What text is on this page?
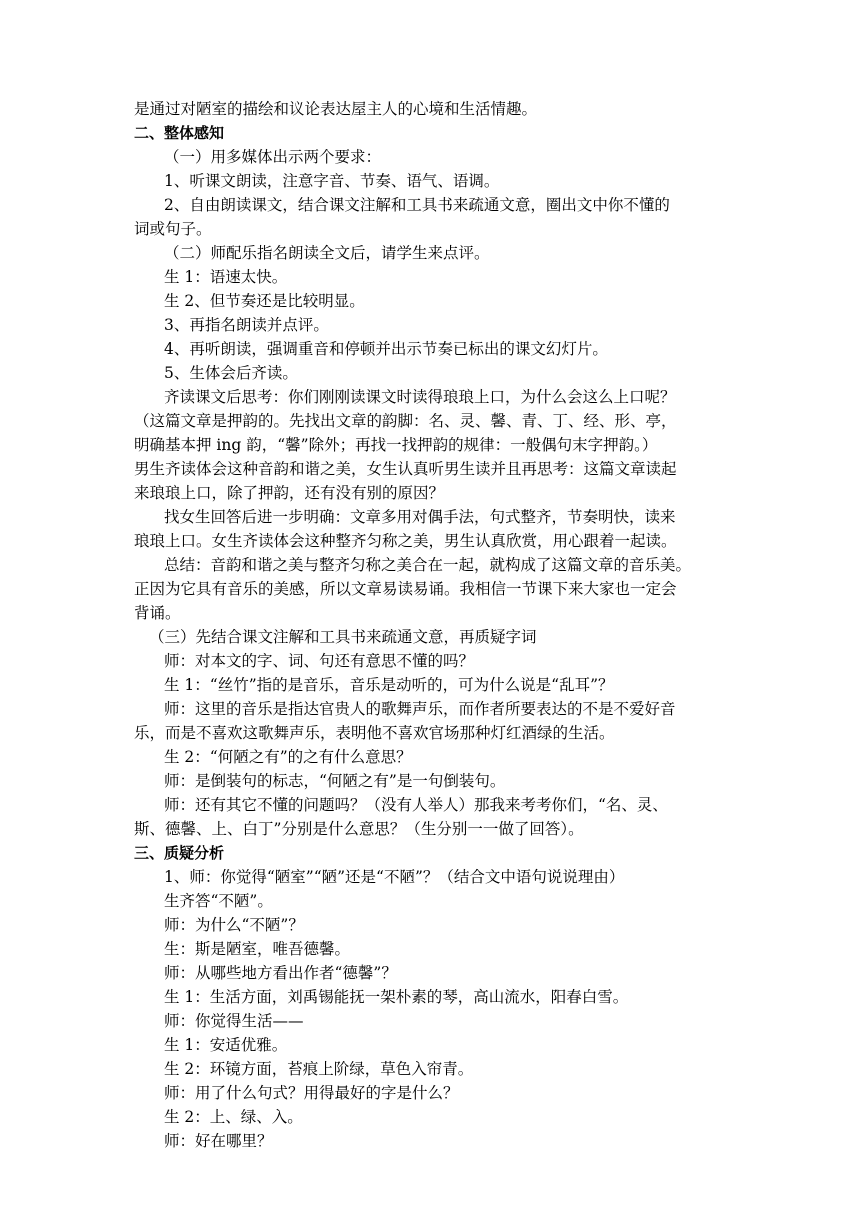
是通过对陋室的描绘和议论表达屋主人的心境和生活情趣。
二、整体感知
（一）用多媒体出示两个要求：
1、听课文朗读，注意字音、节奏、语气、语调。
2、自由朗读课文，结合课文注解和工具书来疏通文意，圈出文中你不懂的
词或句子。
（二）师配乐指名朗读全文后，请学生来点评。
生 1：语速太快。
生 2、但节奏还是比较明显。
3、再指名朗读并点评。
4、再听朗读，强调重音和停顿并出示节奏已标出的课文幻灯片。
5、生体会后齐读。
齐读课文后思考：你们刚刚读课文时读得琅琅上口，为什么会这么上口呢？
（这篇文章是押韵的。先找出文章的韵脚：名、灵、馨、青、丁、经、形、亭，
明确基本押 ing 韵，“馨”除外；再找一找押韵的规律：一般偶句末字押韵。）
男生齐读体会这种音韵和谐之美，女生认真听男生读并且再思考：这篇文章读起
来琅琅上口，除了押韵，还有没有别的原因？
找女生回答后进一步明确：文章多用对偶手法，句式整齐，节奏明快，读来
琅琅上口。女生齐读体会这种整齐匀称之美，男生认真欣赏，用心跟着一起读。
总结：音韵和谐之美与整齐匀称之美合在一起，就构成了这篇文章的音乐美。
正因为它具有音乐的美感，所以文章易读易诵。我相信一节课下来大家也一定会
背诵。
（三）先结合课文注解和工具书来疏通文意，再质疑字词
师：对本文的字、词、句还有意思不懂的吗？
生 1：“丝竹”指的是音乐，音乐是动听的，可为什么说是“乱耳”？
师：这里的音乐是指达官贵人的歌舞声乐，而作者所要表达的不是不爱好音
乐，而是不喜欢这歌舞声乐，表明他不喜欢官场那种灯红酒绿的生活。
生 2：“何陋之有”的之有什么意思？
师：是倒装句的标志，“何陋之有”是一句倒装句。
师：还有其它不懂的问题吗？（没有人举人）那我来考考你们，“名、灵、
斯、德馨、上、白丁”分别是什么意思？（生分别一一做了回答）。
三、质疑分析
1、师：你觉得“陋室”“陋”还是“不陋”？（结合文中语句说说理由）
生齐答“不陋”。
师：为什么“不陋”？
生：斯是陋室，唯吾德馨。
师：从哪些地方看出作者“德馨”？
生 1：生活方面，刘禹锡能抚一架朴素的琴，高山流水，阳春白雪。
师：你觉得生活——
生 1：安适优雅。
生 2：环镜方面，苔痕上阶绿，草色入帘青。
师：用了什么句式？用得最好的字是什么？
生 2：上、绿、入。
师：好在哪里？
